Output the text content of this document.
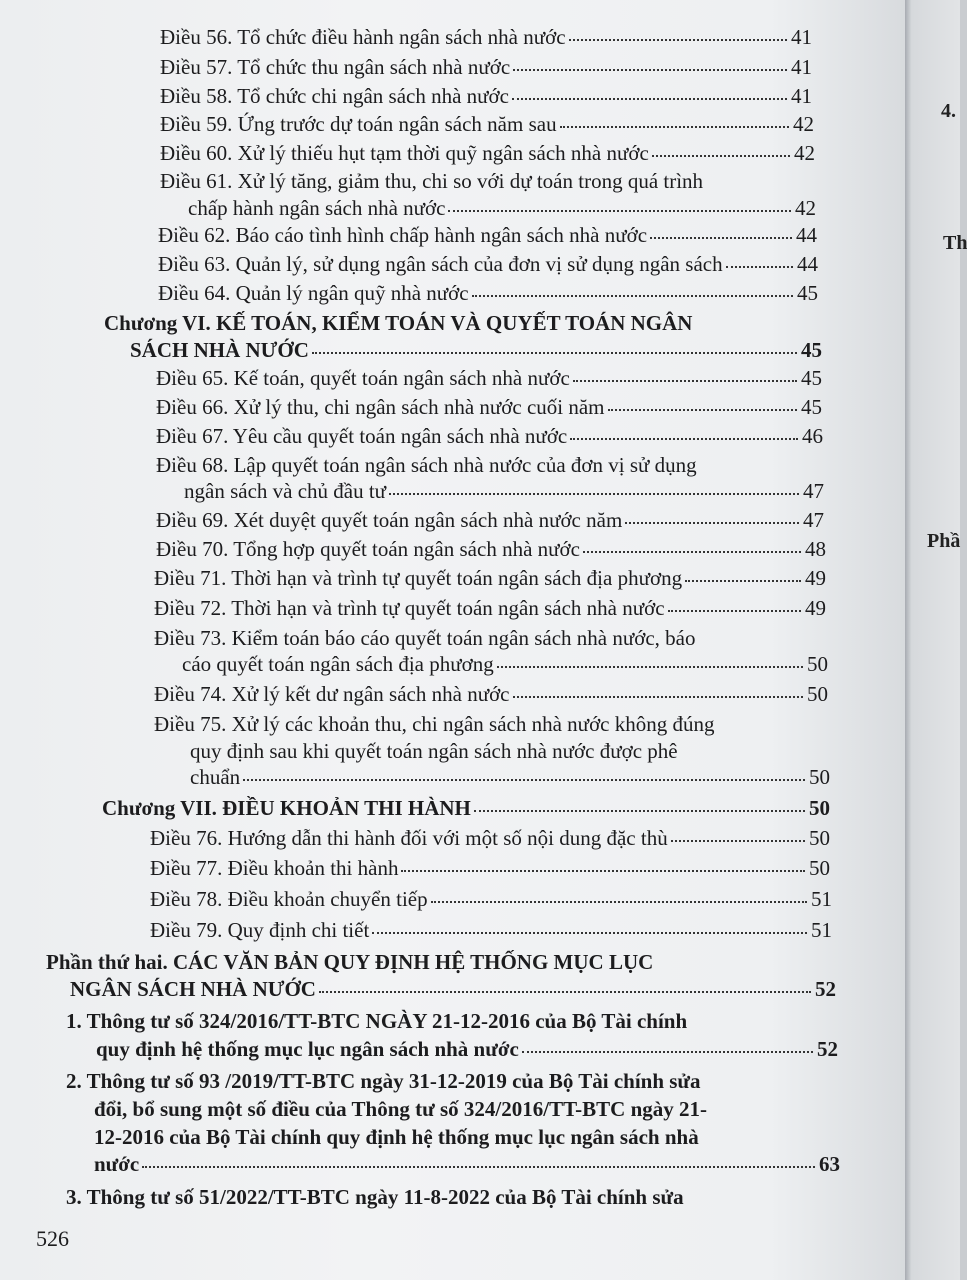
Điều 56. Tổ chức điều hành ngân sách nhà nước	41
Điều 57. Tổ chức thu ngân sách nhà nước	41
Điều 58. Tổ chức chi ngân sách nhà nước	41
Điều 59. Ứng trước dự toán ngân sách năm sau	42
Điều 60. Xử lý thiếu hụt tạm thời quỹ ngân sách nhà nước	42
Điều 61. Xử lý tăng, giảm thu, chi so với dự toán trong quá trình
chấp hành ngân sách nhà nước	42
Điều 62. Báo cáo tình hình chấp hành ngân sách nhà nước	44
Điều 63. Quản lý, sử dụng ngân sách của đơn vị sử dụng ngân sách	44
Điều 64. Quản lý ngân quỹ nhà nước	45
Chương VI. KẾ TOÁN, KIỂM TOÁN VÀ QUYẾT TOÁN NGÂN
SÁCH NHÀ NƯỚC	45
Điều 65. Kế toán, quyết toán ngân sách nhà nước	45
Điều 66. Xử lý thu, chi ngân sách nhà nước cuối năm	45
Điều 67. Yêu cầu quyết toán ngân sách nhà nước	46
Điều 68. Lập quyết toán ngân sách nhà nước của đơn vị sử dụng
ngân sách và chủ đầu tư	47
Điều 69. Xét duyệt quyết toán ngân sách nhà nước năm	47
Điều 70. Tổng hợp quyết toán ngân sách nhà nước	48
Điều 71. Thời hạn và trình tự quyết toán ngân sách địa phương	49
Điều 72. Thời hạn và trình tự quyết toán ngân sách nhà nước	49
Điều 73. Kiểm toán báo cáo quyết toán ngân sách nhà nước, báo
cáo quyết toán ngân sách địa phương	50
Điều 74. Xử lý kết dư ngân sách nhà nước	50
Điều 75. Xử lý các khoản thu, chi ngân sách nhà nước không đúng
quy định sau khi quyết toán ngân sách nhà nước được phê
chuẩn	50
Chương VII. ĐIỀU KHOẢN THI HÀNH	50
Điều 76. Hướng dẫn thi hành đối với một số nội dung đặc thù	50
Điều 77. Điều khoản thi hành	50
Điều 78. Điều khoản chuyển tiếp	51
Điều 79. Quy định chi tiết	51
Phần thứ hai. CÁC VĂN BẢN QUY ĐỊNH HỆ THỐNG MỤC LỤC
NGÂN SÁCH NHÀ NƯỚC	52
1. Thông tư số 324/2016/TT-BTC NGÀY 21-12-2016 của Bộ Tài chính
quy định hệ thống mục lục ngân sách nhà nước	52
2. Thông tư số 93 /2019/TT-BTC ngày 31-12-2019 của Bộ Tài chính sửa
đổi, bổ sung một số điều của Thông tư số 324/2016/TT-BTC ngày 21-
12-2016 của Bộ Tài chính quy định hệ thống mục lục ngân sách nhà
nước	63
3. Thông tư số 51/2022/TT-BTC ngày 11-8-2022 của Bộ Tài chính sửa
526
4.
Th
Phầ
